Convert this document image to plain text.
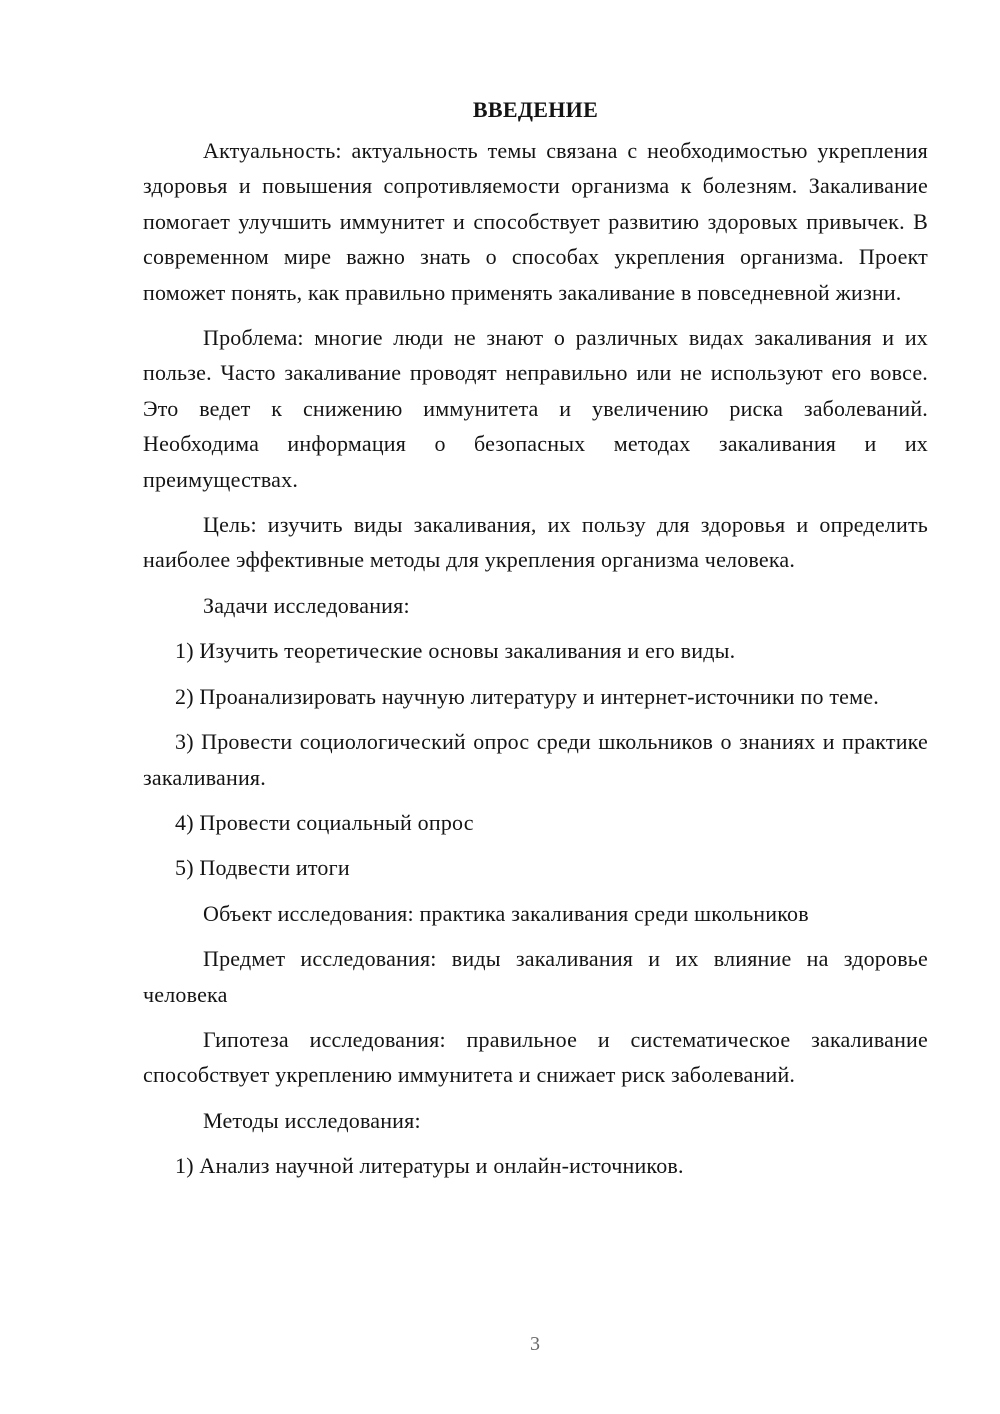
ВВЕДЕНИЕ

Актуальность: актуальность темы связана с необходимостью укрепления здоровья и повышения сопротивляемости организма к болезням. Закаливание помогает улучшить иммунитет и способствует развитию здоровых привычек. В современном мире важно знать о способах укрепления организма. Проект поможет понять, как правильно применять закаливание в повседневной жизни.

Проблема: многие люди не знают о различных видах закаливания и их пользе. Часто закаливание проводят неправильно или не используют его вовсе. Это ведет к снижению иммунитета и увеличению риска заболеваний. Необходима информация о безопасных методах закаливания и их преимуществах.

Цель: изучить виды закаливания, их пользу для здоровья и определить наиболее эффективные методы для укрепления организма человека.

Задачи исследования:

1) Изучить теоретические основы закаливания и его виды.

2) Проанализировать научную литературу и интернет-источники по теме.

3) Провести социологический опрос среди школьников о знаниях и практике закаливания.

4) Провести социальный опрос

5) Подвести итоги

Объект исследования: практика закаливания среди школьников

Предмет исследования: виды закаливания и их влияние на здоровье человека

Гипотеза исследования: правильное и систематическое закаливание способствует укреплению иммунитета и снижает риск заболеваний.

Методы исследования:

1) Анализ научной литературы и онлайн-источников.

3
